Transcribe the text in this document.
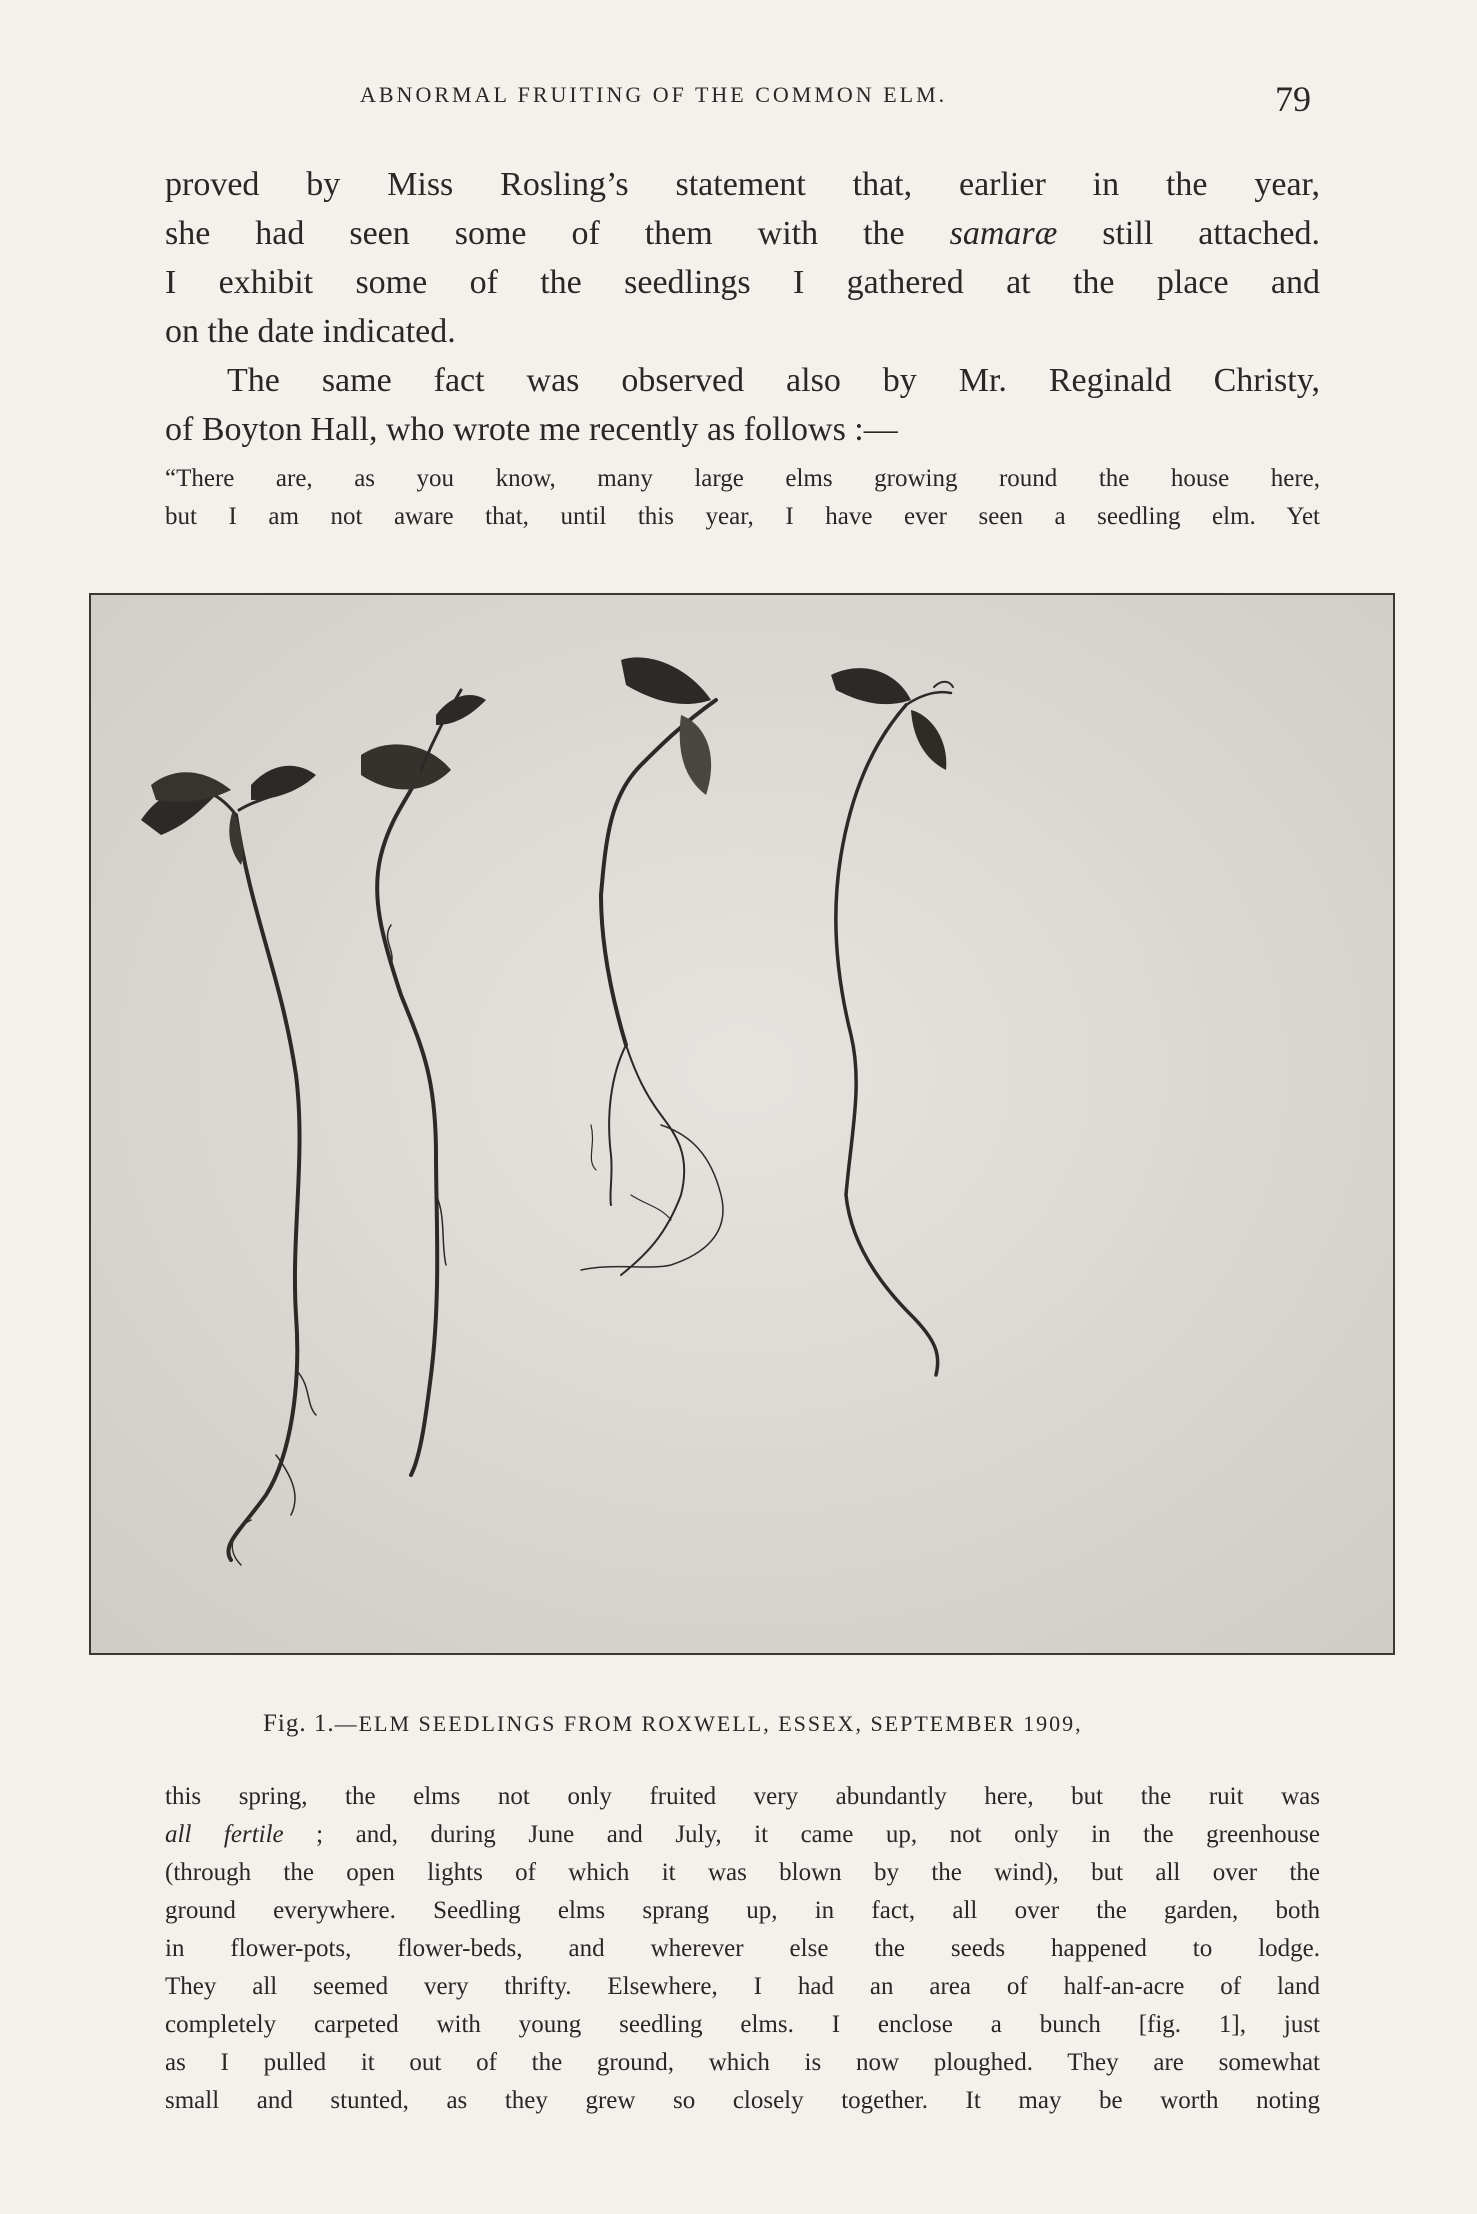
ABNORMAL FRUITING OF THE COMMON ELM.	79
proved by Miss Rosling’s statement that, earlier in the year,
she had seen some of them with the samaræ still attached.
I exhibit some of the seedlings I gathered at the place and
on the date indicated.
The same fact was observed also by Mr. Reginald Christy,
of Boyton Hall, who wrote me recently as follows :—
“There are, as you know, many large elms growing round the house here,
but I am not aware that, until this year, I have ever seen a seedling elm. Yet
Fig. 1.—ELM SEEDLINGS FROM ROXWELL, ESSEX, SEPTEMBER 1909,
this spring, the elms not only fruited very abundantly here, but the ruit was
all fertile ; and, during June and July, it came up, not only in the greenhouse
(through the open lights of which it was blown by the wind), but all over the
ground everywhere. Seedling elms sprang up, in fact, all over the garden, both
in flower-pots, flower-beds, and wherever else the seeds happened to lodge.
They all seemed very thrifty. Elsewhere, I had an area of half-an-acre of land
completely carpeted with young seedling elms. I enclose a bunch [fig. 1], just
as I pulled it out of the ground, which is now ploughed. They are somewhat
small and stunted, as they grew so closely together. It may be worth noting
